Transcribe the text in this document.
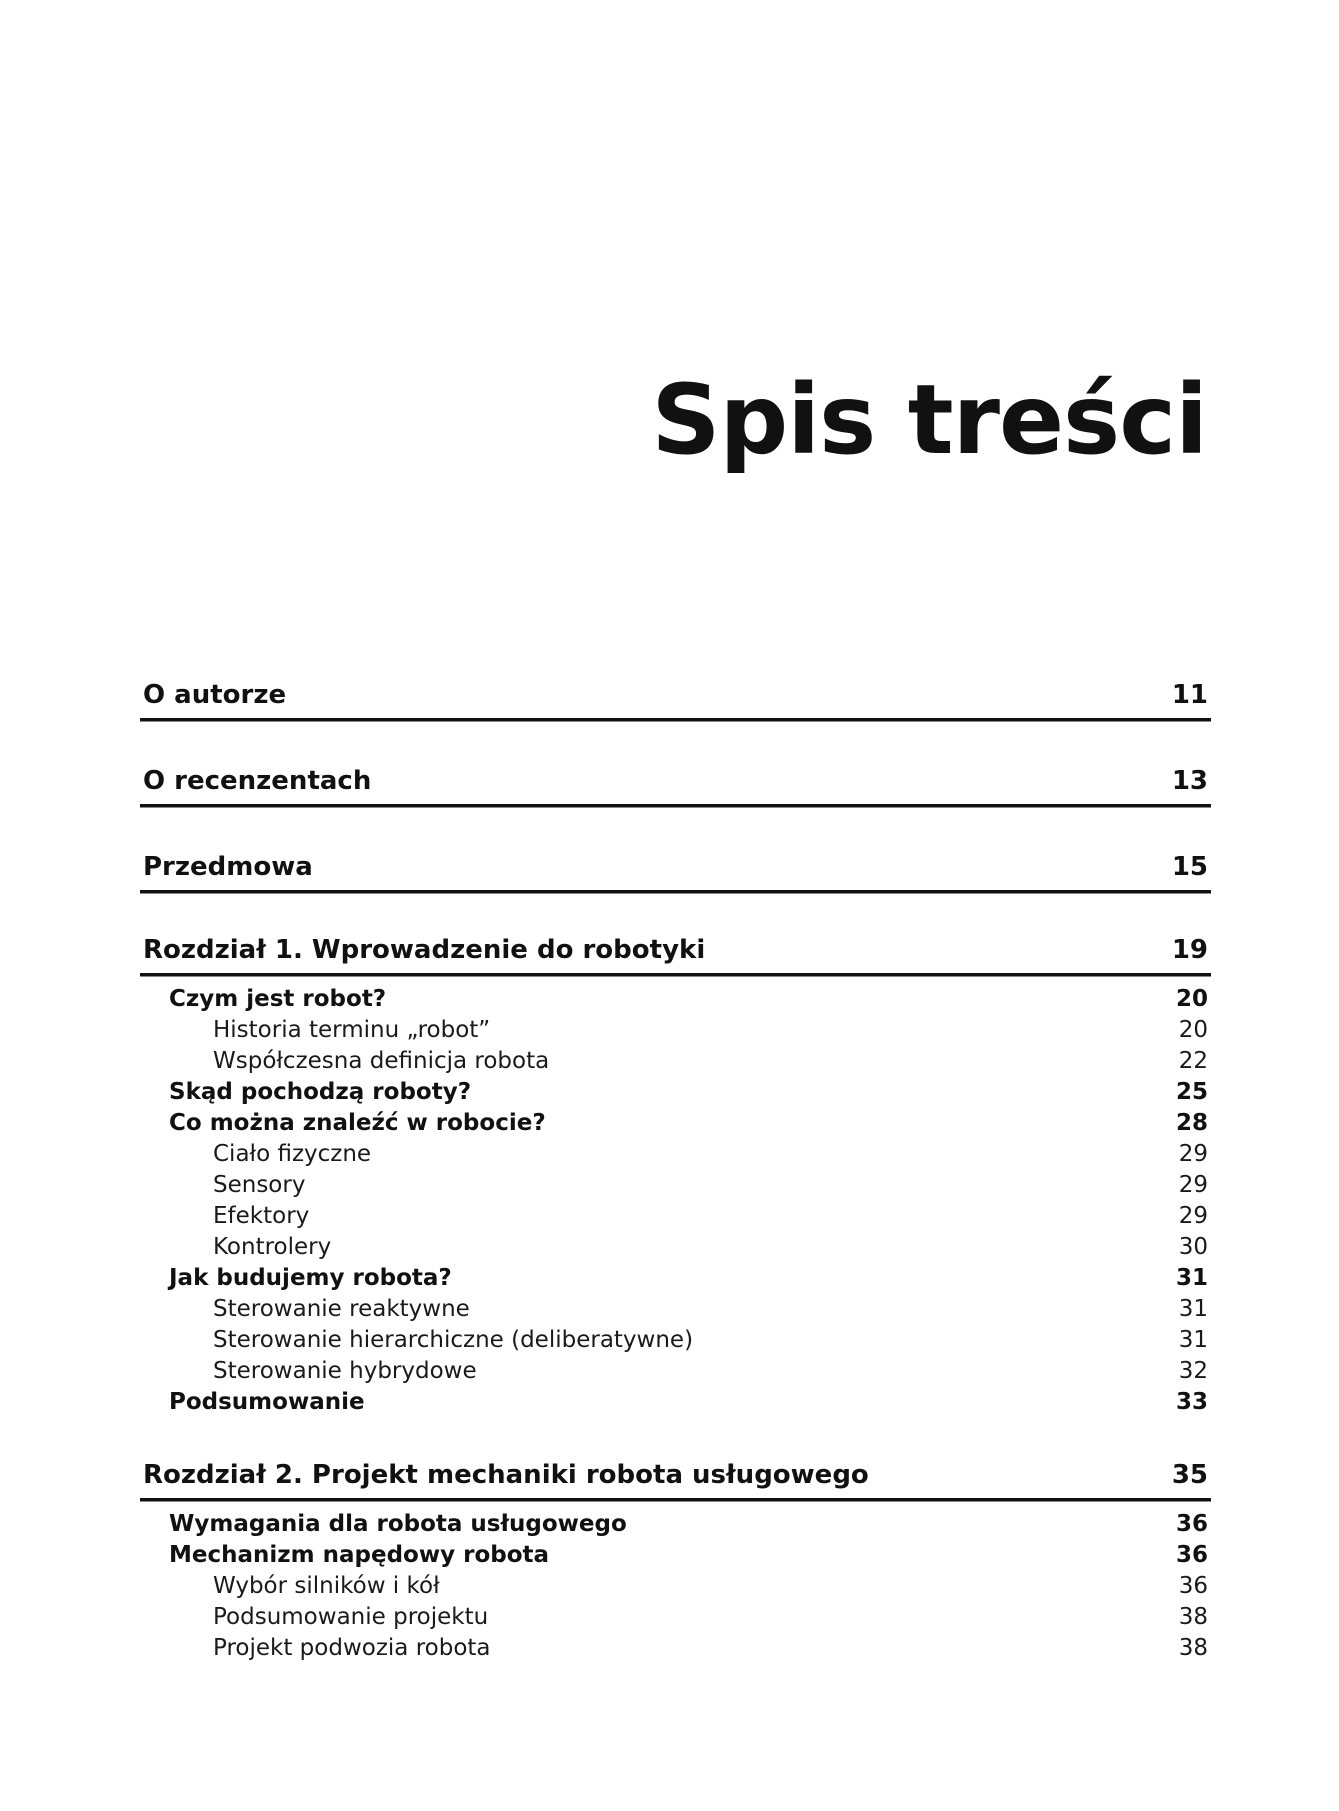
Spis treści
O autorze	11
O recenzentach	13
Przedmowa	15
Rozdział 1. Wprowadzenie do robotyki	19
Czym jest robot?	20
Historia terminu „robot”	20
Współczesna definicja robota	22
Skąd pochodzą roboty?	25
Co można znaleźć w robocie?	28
Ciało fizyczne	29
Sensory	29
Efektory	29
Kontrolery	30
Jak budujemy robota?	31
Sterowanie reaktywne	31
Sterowanie hierarchiczne (deliberatywne)	31
Sterowanie hybrydowe	32
Podsumowanie	33
Rozdział 2. Projekt mechaniki robota usługowego	35
Wymagania dla robota usługowego	36
Mechanizm napędowy robota	36
Wybór silników i kół	36
Podsumowanie projektu	38
Projekt podwozia robota	38
